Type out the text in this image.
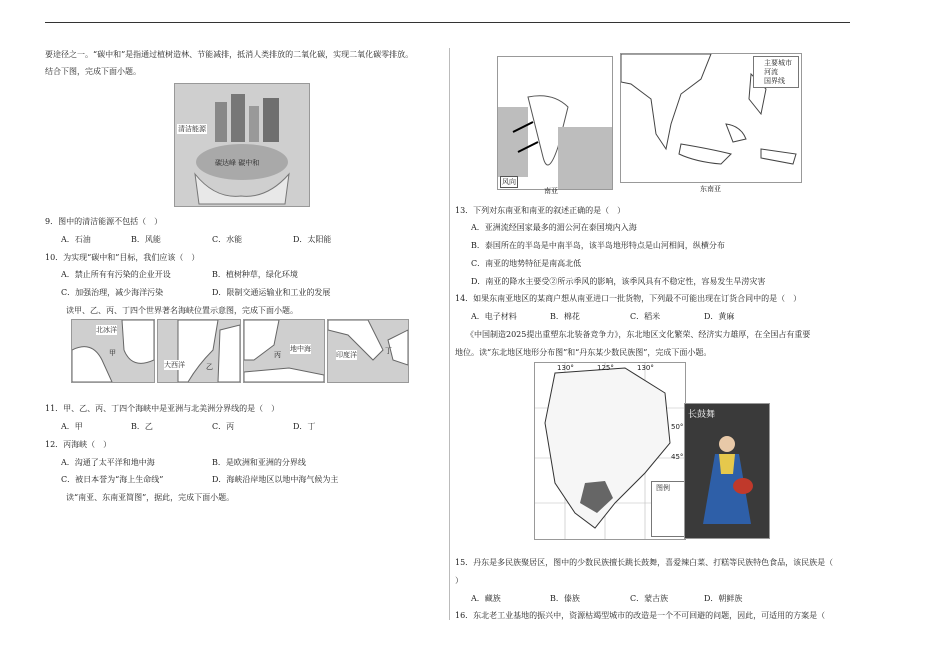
要途径之一。“碳中和”是指通过植树造林、节能减排，抵消人类排放的二氧化碳，实现二氧化碳零排放。
结合下图，完成下面小题。
清洁能源
碳达峰 碳中和
9．图中的清洁能源不包括（　）
A．石油	B．风能	C．水能	D．太阳能
10．为实现“碳中和”目标，我们应该（　）
A．禁止所有有污染的企业开设	B．植树种草，绿化环境
C．加强治理，减少海洋污染	D．限制交通运输业和工业的发展
读甲、乙、丙、丁四个世界著名海峡位置示意图，完成下面小题。
北冰洋
甲
大西洋	乙
地中海
丙	印度洋	丁
11．甲、乙、丙、丁四个海峡中是亚洲与北美洲分界线的是（　）
A．甲	B．乙	C．丙	D．丁
12．丙海峡（　）
A．沟通了太平洋和地中海	B．是欧洲和亚洲的分界线
C．被日本誉为“海上生命线”	D．海峡沿岸地区以地中海气候为主
读“南亚、东南亚简图”，据此，完成下面小题。
风向
南亚
主要城市
河流
国界线
东南亚
13．下列对东南亚和南亚的叙述正确的是（　）
A．亚洲流经国家最多的湄公河在泰国境内入海
B．泰国所在的半岛是中南半岛，该半岛地形特点是山河相间，纵横分布
C．南亚的地势特征是南高北低
D．南亚的降水主要受②所示季风的影响，该季风具有不稳定性，容易发生旱涝灾害
14．如果东南亚地区的某商户想从南亚进口一批货物，下列最不可能出现在订货合同中的是（　）
A．电子材料	B．棉花	C．稻米	D．黄麻
《中国制造2025提出重塑东北装备竞争力》，东北地区文化繁荣、经济实力雄厚，在全国占有重要
地位。读“东北地区地形分布图”和“丹东某少数民族图”，完成下面小题。
130°	125°	130°
50°
45°
图例
长鼓舞
15．丹东是多民族聚居区，图中的少数民族擅长跳长鼓舞，喜爱辣白菜、打糕等民族特色食品，该民族是（
）
A．藏族	B．傣族	C．蒙古族	D．朝鲜族
16．东北老工业基地的振兴中，资源枯竭型城市的改造是一个不可回避的问题，因此，可适用的方案是（
